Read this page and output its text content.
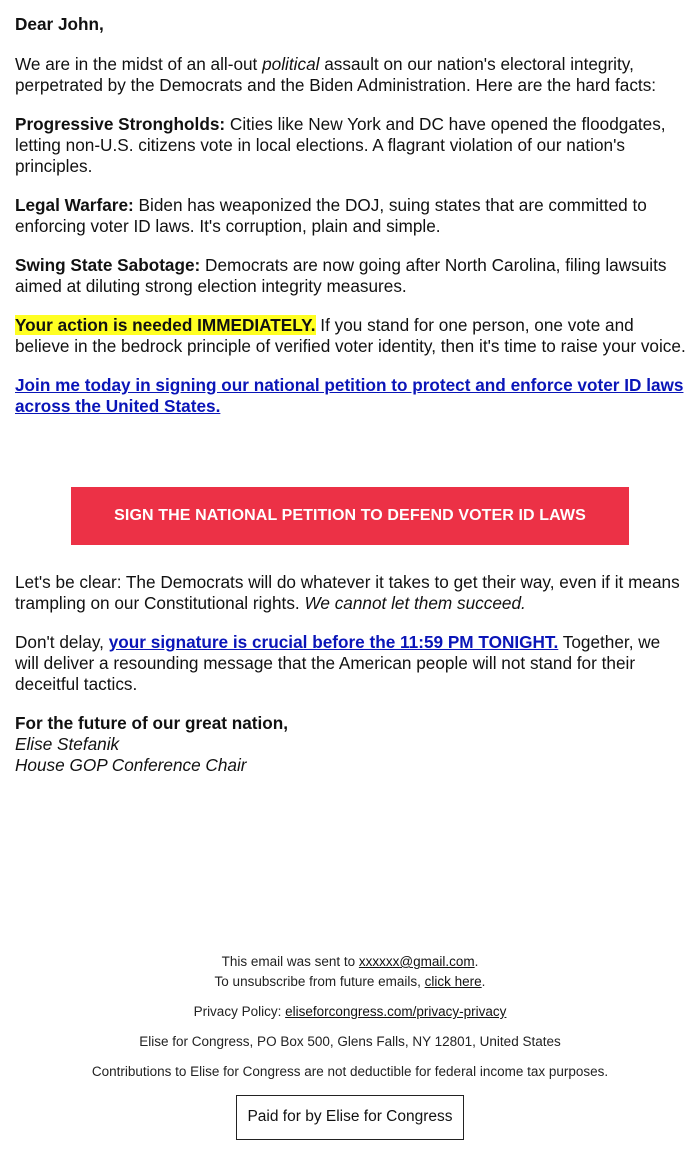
Dear John,

We are in the midst of an all-out political assault on our nation's electoral integrity, perpetrated by the Democrats and the Biden Administration. Here are the hard facts:

Progressive Strongholds: Cities like New York and DC have opened the floodgates, letting non-U.S. citizens vote in local elections. A flagrant violation of our nation's principles.

Legal Warfare: Biden has weaponized the DOJ, suing states that are committed to enforcing voter ID laws. It's corruption, plain and simple.

Swing State Sabotage: Democrats are now going after North Carolina, filing lawsuits aimed at diluting strong election integrity measures.

Your action is needed IMMEDIATELY. If you stand for one person, one vote and believe in the bedrock principle of verified voter identity, then it's time to raise your voice.

Join me today in signing our national petition to protect and enforce voter ID laws across the United States.

SIGN THE NATIONAL PETITION TO DEFEND VOTER ID LAWS

Let's be clear: The Democrats will do whatever it takes to get their way, even if it means trampling on our Constitutional rights. We cannot let them succeed.

Don't delay, your signature is crucial before the 11:59 PM TONIGHT. Together, we will deliver a resounding message that the American people will not stand for their deceitful tactics.

For the future of our great nation,
Elise Stefanik
House GOP Conference Chair

This email was sent to xxxxxx@gmail.com.
To unsubscribe from future emails, click here.

Privacy Policy: eliseforcongress.com/privacy-privacy

Elise for Congress, PO Box 500, Glens Falls, NY 12801, United States

Contributions to Elise for Congress are not deductible for federal income tax purposes.

Paid for by Elise for Congress
